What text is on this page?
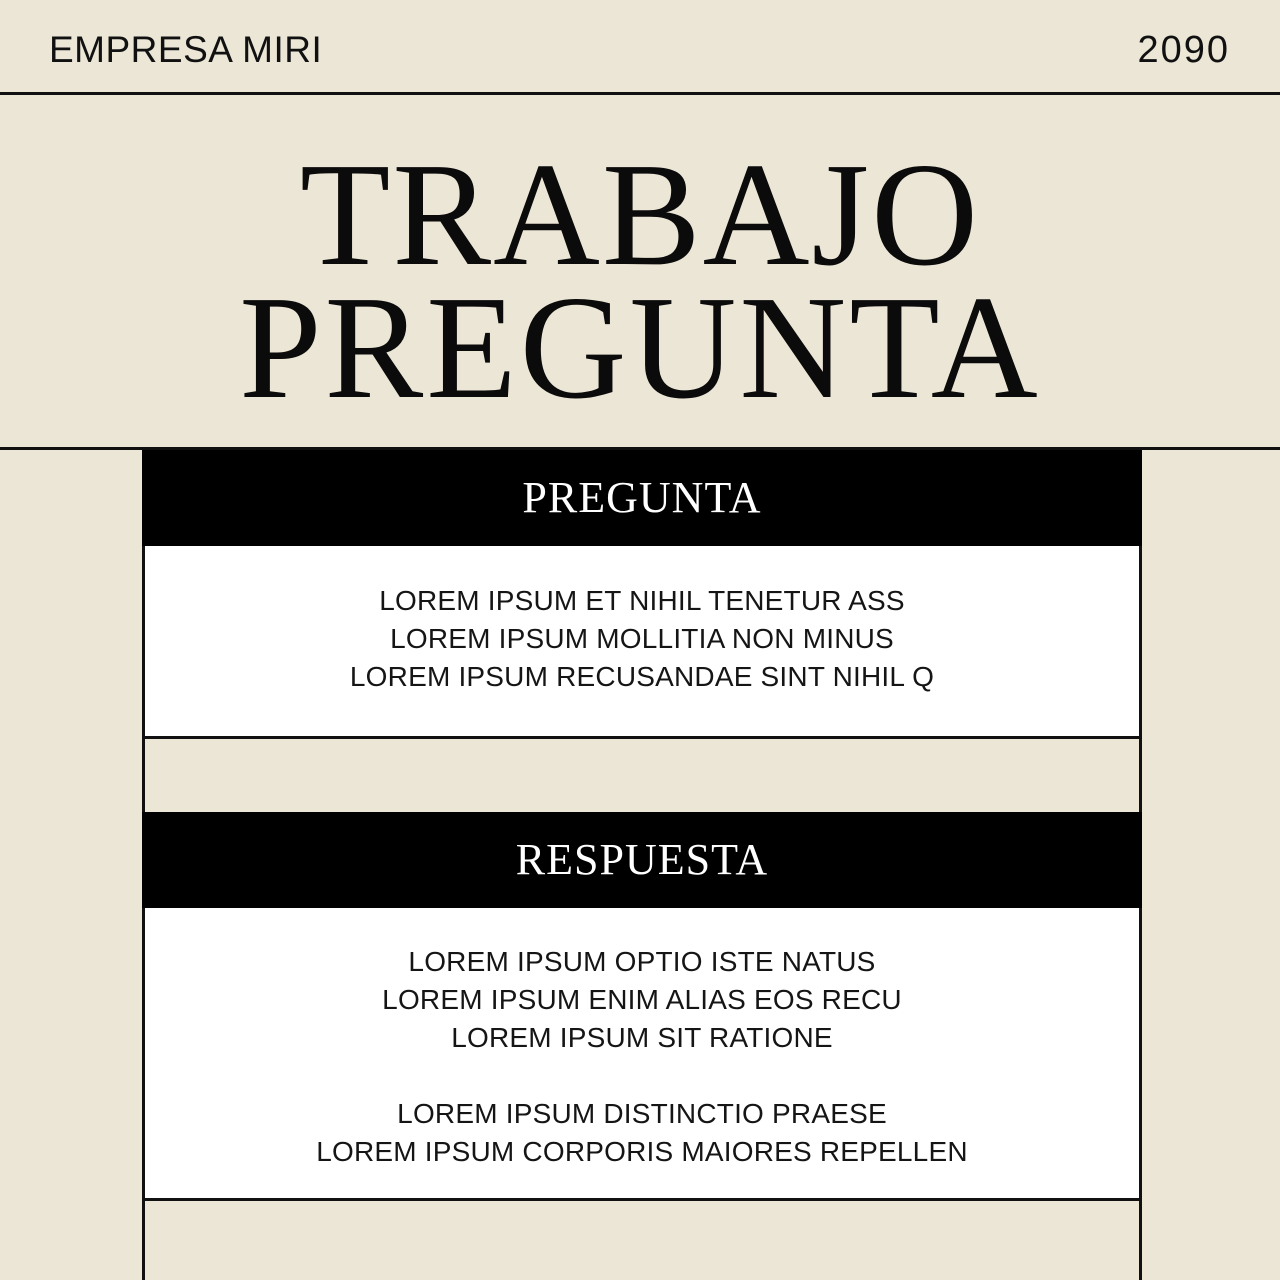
EMPRESA MIRI	2090
TRABAJO
PREGUNTA
PREGUNTA

LOREM IPSUM ET NIHIL TENETUR ASS

LOREM IPSUM MOLLITIA NON MINUS

LOREM IPSUM RECUSANDAE SINT NIHIL Q

RESPUESTA

LOREM IPSUM OPTIO ISTE NATUS

LOREM IPSUM ENIM ALIAS EOS RECU

LOREM IPSUM SIT RATIONE

LOREM IPSUM DISTINCTIO PRAESE

LOREM IPSUM CORPORIS MAIORES REPELLEN
